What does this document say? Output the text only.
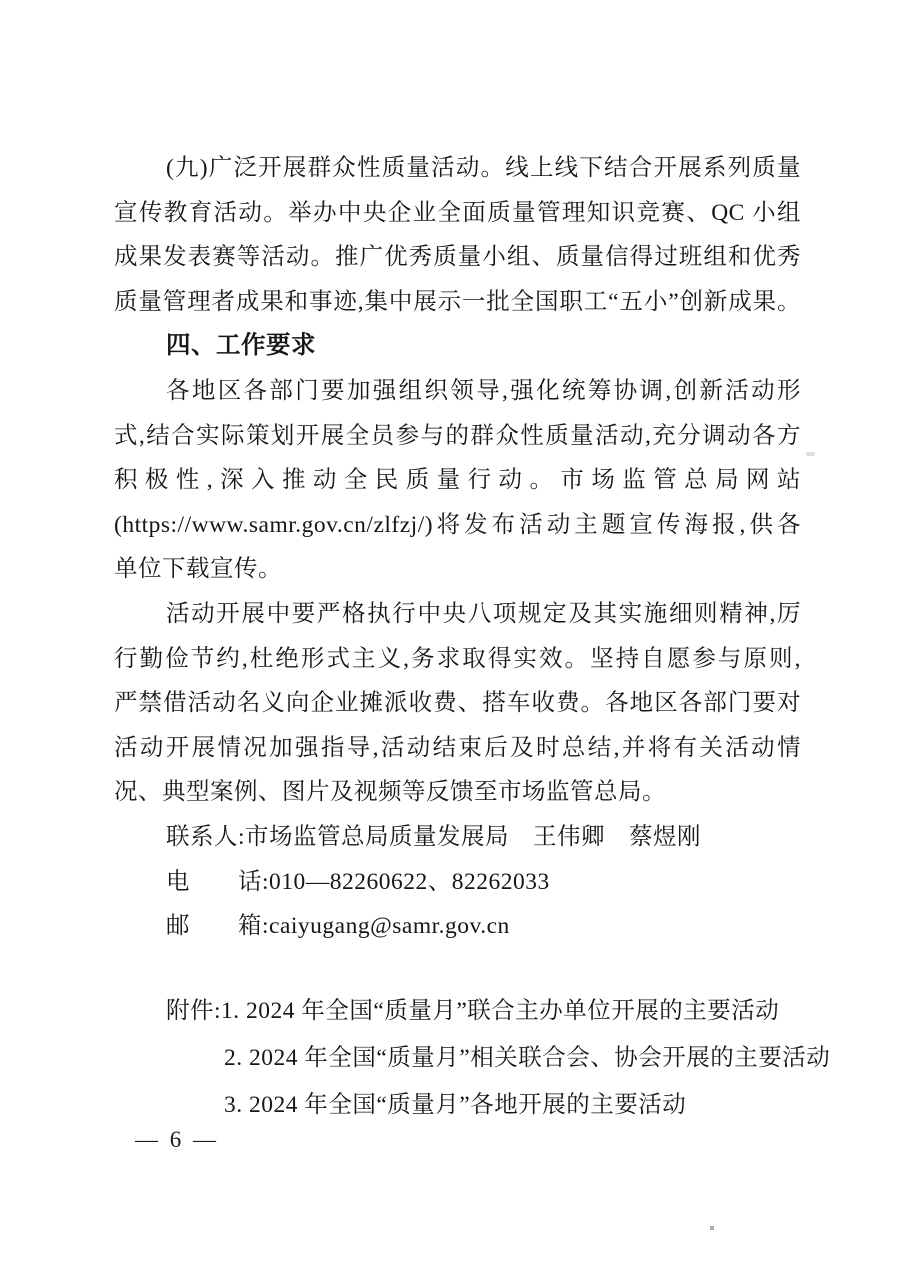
(九)广泛开展群众性质量活动。线上线下结合开展系列质量
宣传教育活动。举办中央企业全面质量管理知识竞赛、QC 小组
成果发表赛等活动。推广优秀质量小组、质量信得过班组和优秀
质量管理者成果和事迹,集中展示一批全国职工“五小”创新成果。
四、工作要求
各地区各部门要加强组织领导,强化统筹协调,创新活动形
式,结合实际策划开展全员参与的群众性质量活动,充分调动各方
积极性,深入推动全民质量行动。市场监管总局网站
(https://www.samr.gov.cn/zlfzj/)将发布活动主题宣传海报,供各
单位下载宣传。
活动开展中要严格执行中央八项规定及其实施细则精神,厉
行勤俭节约,杜绝形式主义,务求取得实效。坚持自愿参与原则,
严禁借活动名义向企业摊派收费、搭车收费。各地区各部门要对
活动开展情况加强指导,活动结束后及时总结,并将有关活动情
况、典型案例、图片及视频等反馈至市场监管总局。
联系人:市场监管总局质量发展局　王伟卿　蔡煜刚
电　　话:010—82260622、82262033
邮　　箱:caiyugang@samr.gov.cn
附件:1. 2024 年全国“质量月”联合主办单位开展的主要活动
2. 2024 年全国“质量月”相关联合会、协会开展的主要活动
3. 2024 年全国“质量月”各地开展的主要活动
— 6 —
